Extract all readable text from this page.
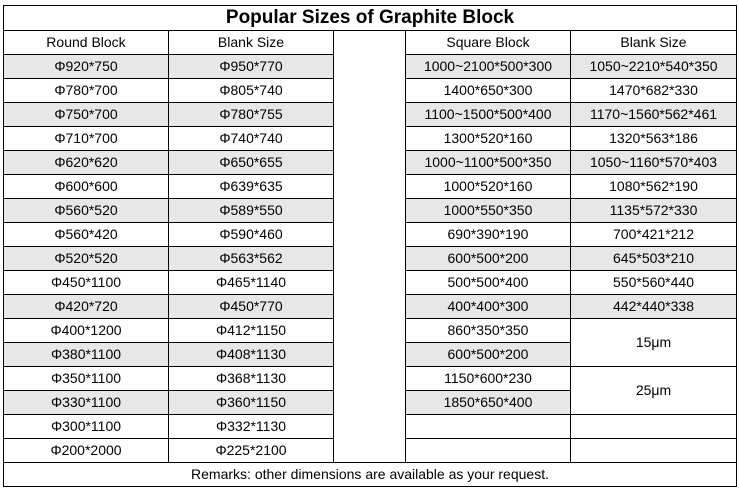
Popular Sizes of Graphite Block				
Round Block	Blank Size		Square Block	Blank Size
Φ920*750	Φ950*770		1000~2100*500*300	1050~2210*540*350
Φ780*700	Φ805*740		1400*650*300	1470*682*330
Φ750*700	Φ780*755		1100~1500*500*400	1170~1560*562*461
Φ710*700	Φ740*740		1300*520*160	1320*563*186
Φ620*620	Φ650*655		1000~1100*500*350	1050~1160*570*403
Φ600*600	Φ639*635		1000*520*160	1080*562*190
Φ560*520	Φ589*550		1000*550*350	1135*572*330
Φ560*420	Φ590*460		690*390*190	700*421*212
Φ520*520	Φ563*562		600*500*200	645*503*210
Φ450*1100	Φ465*1140		500*500*400	550*560*440
Φ420*720	Φ450*770		400*400*300	442*440*338
Φ400*1200	Φ412*1150		860*350*350	15μm
Φ380*1100	Φ408*1130		600*500*200	
Φ350*1100	Φ368*1130		1150*600*230	25μm
Φ330*1100	Φ360*1150		1850*650*400	
Φ300*1100	Φ332*1130			
Φ200*2000	Φ225*2100			
Remarks: other dimensions are available as your request.				
